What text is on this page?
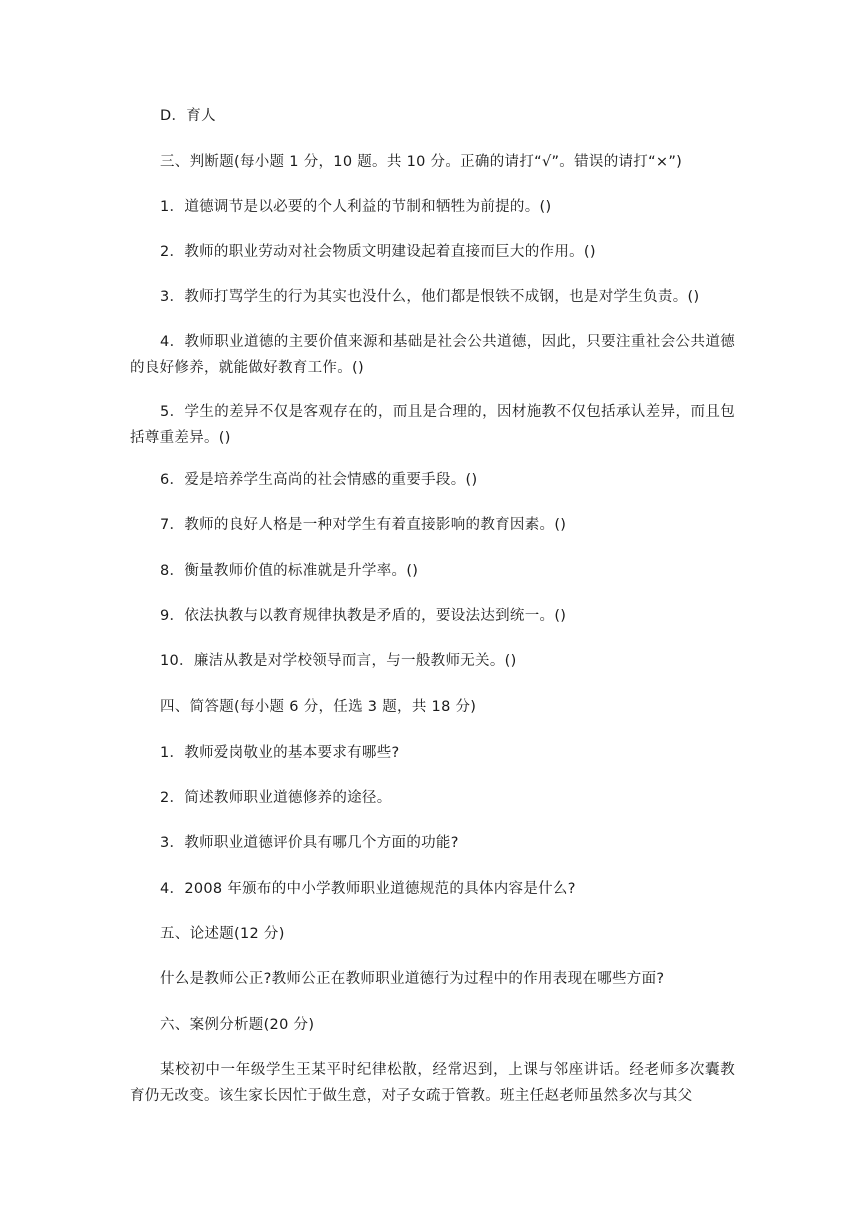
D．育人
三、判断题(每小题 1 分，10 题。共 10 分。正确的请打“√”。错误的请打“×”)
1．道德调节是以必要的个人利益的节制和牺牲为前提的。()
2．教师的职业劳动对社会物质文明建设起着直接而巨大的作用。()
3．教师打骂学生的行为其实也没什么，他们都是恨铁不成钢，也是对学生负责。()
4．教师职业道德的主要价值来源和基础是社会公共道德，因此，只要注重社会公共道德的良好修养，就能做好教育工作。()
5．学生的差异不仅是客观存在的，而且是合理的，因材施教不仅包括承认差异，而且包括尊重差异。()
6．爱是培养学生高尚的社会情感的重要手段。()
7．教师的良好人格是一种对学生有着直接影响的教育因素。()
8．衡量教师价值的标准就是升学率。()
9．依法执教与以教育规律执教是矛盾的，要设法达到统一。()
10．廉洁从教是对学校领导而言，与一般教师无关。()
四、简答题(每小题 6 分，任选 3 题，共 18 分)
1．教师爱岗敬业的基本要求有哪些?
2．简述教师职业道德修养的途径。
3．教师职业道德评价具有哪几个方面的功能?
4．2008 年颁布的中小学教师职业道德规范的具体内容是什么?
五、论述题(12 分)
什么是教师公正?教师公正在教师职业道德行为过程中的作用表现在哪些方面?
六、案例分析题(20 分)
某校初中一年级学生王某平时纪律松散，经常迟到，上课与邻座讲话。经老师多次囊教育仍无改变。该生家长因忙于做生意，对子女疏于管教。班主任赵老师虽然多次与其父
